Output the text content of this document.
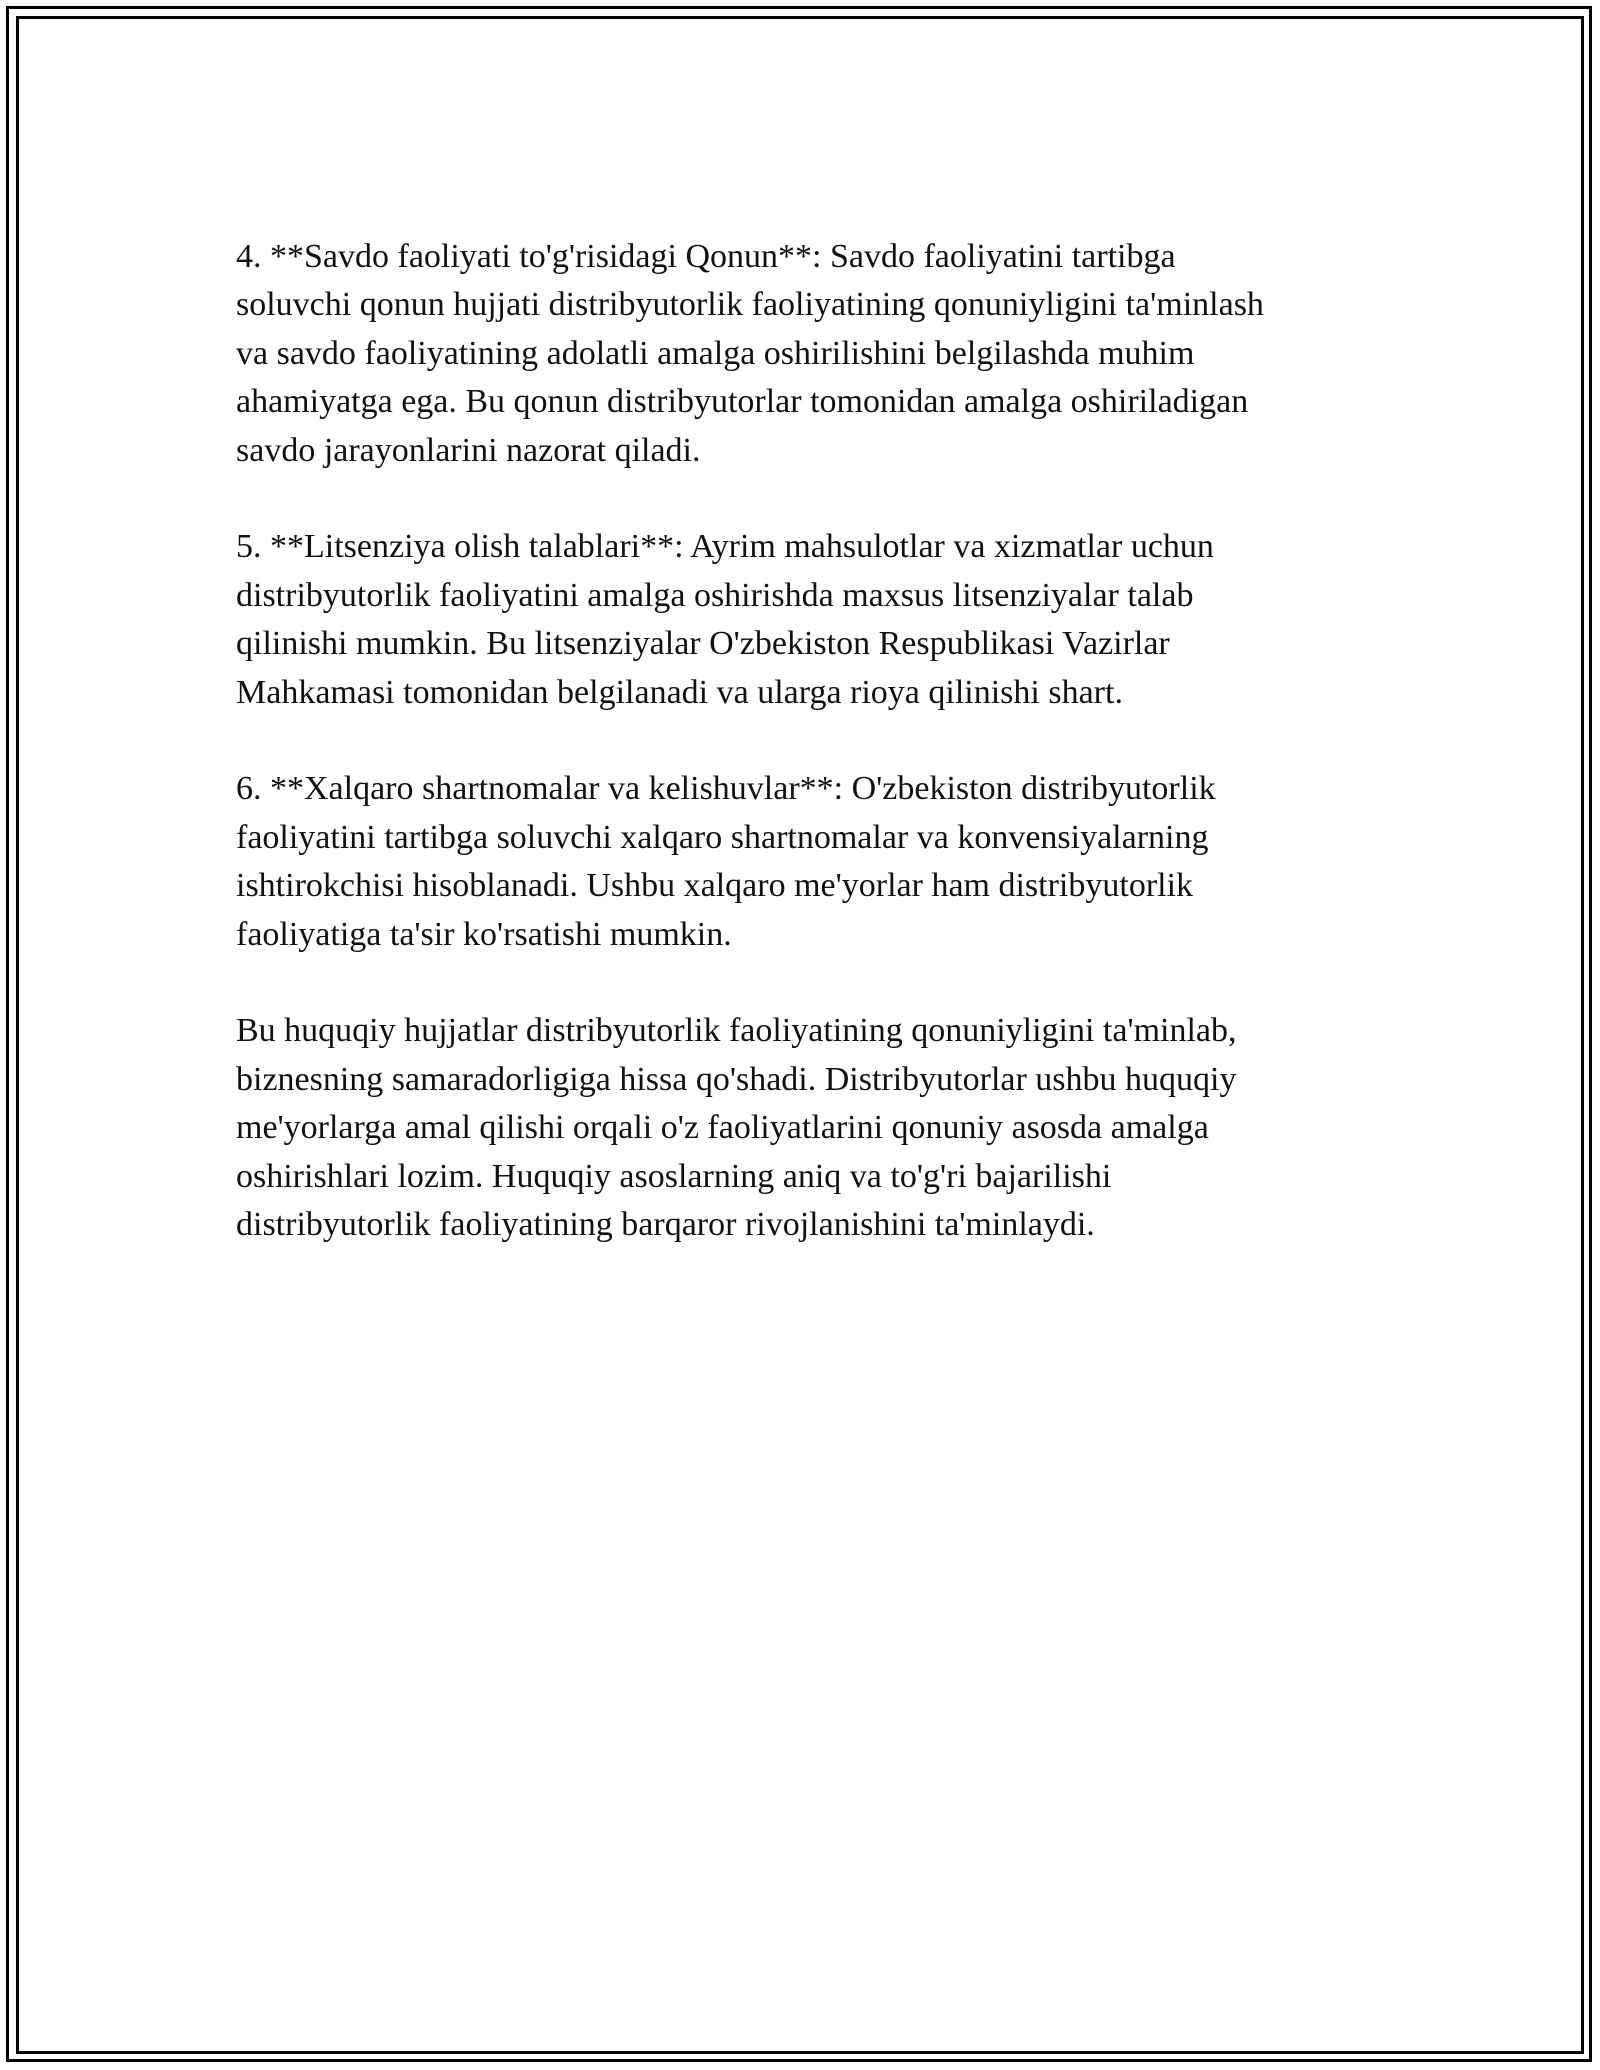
4. **Savdo faoliyati to'g'risidagi Qonun**: Savdo faoliyatini tartibga
soluvchi qonun hujjati distribyutorlik faoliyatining qonuniyligini ta'minlash
va savdo faoliyatining adolatli amalga oshirilishini belgilashda muhim
ahamiyatga ega. Bu qonun distribyutorlar tomonidan amalga oshiriladigan
savdo jarayonlarini nazorat qiladi.

5. **Litsenziya olish talablari**: Ayrim mahsulotlar va xizmatlar uchun
distribyutorlik faoliyatini amalga oshirishda maxsus litsenziyalar talab
qilinishi mumkin. Bu litsenziyalar O'zbekiston Respublikasi Vazirlar
Mahkamasi tomonidan belgilanadi va ularga rioya qilinishi shart.

6. **Xalqaro shartnomalar va kelishuvlar**: O'zbekiston distribyutorlik
faoliyatini tartibga soluvchi xalqaro shartnomalar va konvensiyalarning
ishtirokchisi hisoblanadi. Ushbu xalqaro me'yorlar ham distribyutorlik
faoliyatiga ta'sir ko'rsatishi mumkin.

Bu huquqiy hujjatlar distribyutorlik faoliyatining qonuniyligini ta'minlab,
biznesning samaradorligiga hissa qo'shadi. Distribyutorlar ushbu huquqiy
me'yorlarga amal qilishi orqali o'z faoliyatlarini qonuniy asosda amalga
oshirishlari lozim. Huquqiy asoslarning aniq va to'g'ri bajarilishi
distribyutorlik faoliyatining barqaror rivojlanishini ta'minlaydi.
